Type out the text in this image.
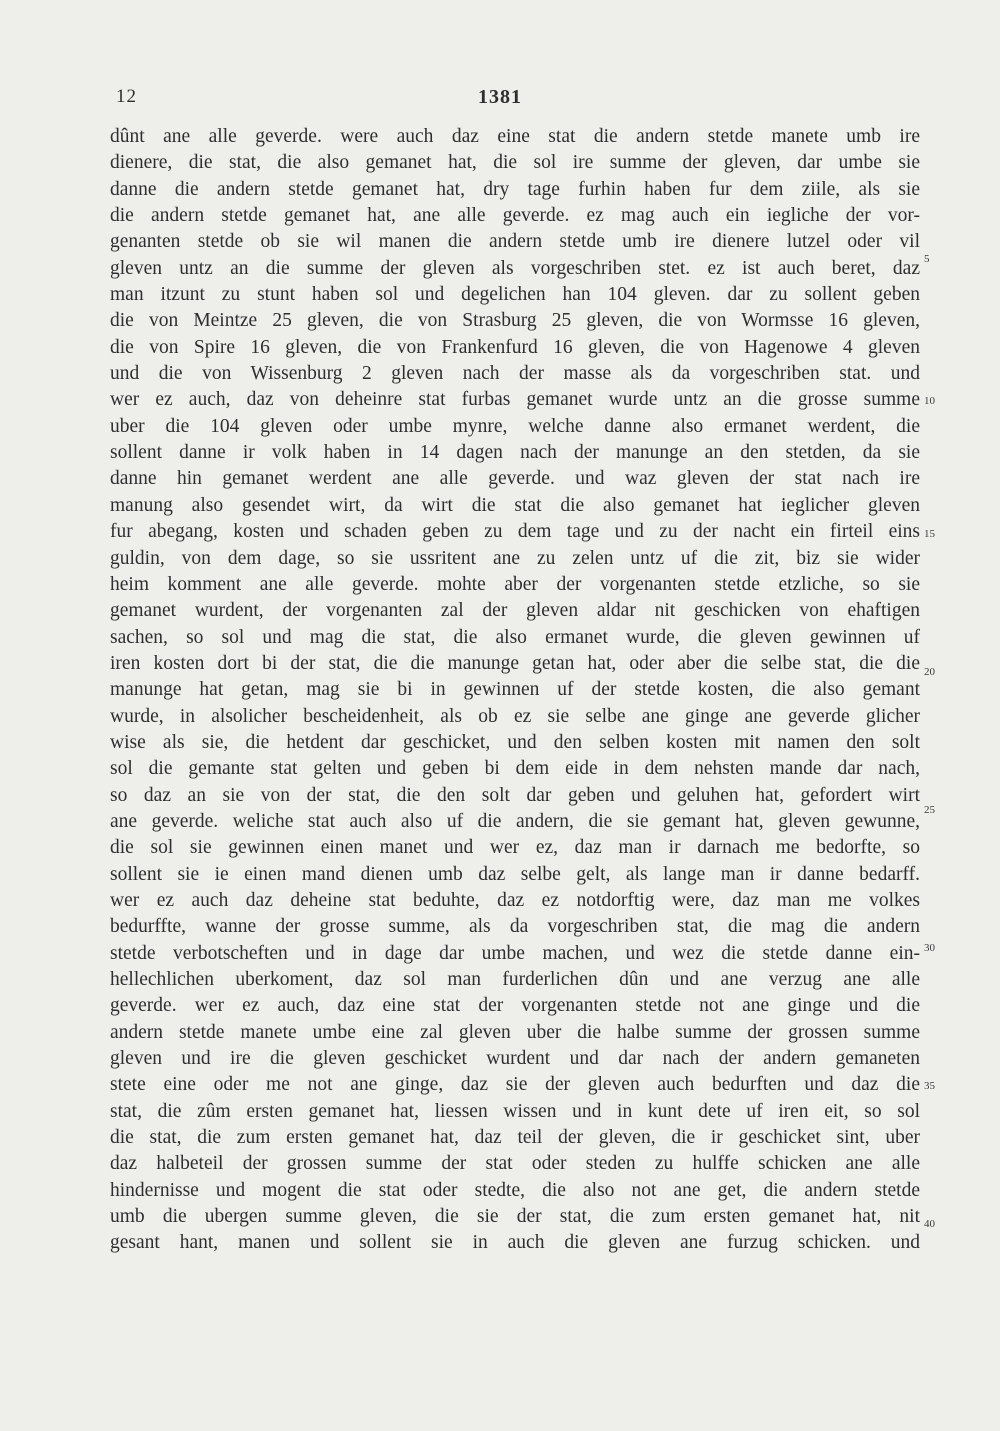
12	1381
dûnt ane alle geverde. were auch daz eine stat die andern stetde manete umb ire
dienere, die stat, die also gemanet hat, die sol ire summe der gleven, dar umbe sie
danne die andern stetde gemanet hat, dry tage furhin haben fur dem ziile, als sie
die andern stetde gemanet hat, ane alle geverde. ez mag auch ein iegliche der vor-
genanten stetde ob sie wil manen die andern stetde umb ire dienere lutzel oder vil
gleven untz an die summe der gleven als vorgeschriben stet. ez ist auch beret, daz
man itzunt zu stunt haben sol und degelichen han 104 gleven. dar zu sollent geben
die von Meintze 25 gleven, die von Strasburg 25 gleven, die von Wormsse 16 gleven,
die von Spire 16 gleven, die von Frankenfurd 16 gleven, die von Hagenowe 4 gleven
und die von Wissenburg 2 gleven nach der masse als da vorgeschriben stat. und
wer ez auch, daz von deheinre stat furbas gemanet wurde untz an die grosse summe
uber die 104 gleven oder umbe mynre, welche danne also ermanet werdent, die
sollent danne ir volk haben in 14 dagen nach der manunge an den stetden, da sie
danne hin gemanet werdent ane alle geverde. und waz gleven der stat nach ire
manung also gesendet wirt, da wirt die stat die also gemanet hat ieglicher gleven
fur abegang, kosten und schaden geben zu dem tage und zu der nacht ein firteil eins
guldin, von dem dage, so sie ussritent ane zu zelen untz uf die zit, biz sie wider
heim komment ane alle geverde. mohte aber der vorgenanten stetde etzliche, so sie
gemanet wurdent, der vorgenanten zal der gleven aldar nit geschicken von ehaftigen
sachen, so sol und mag die stat, die also ermanet wurde, die gleven gewinnen uf
iren kosten dort bi der stat, die die manunge getan hat, oder aber die selbe stat, die die
manunge hat getan, mag sie bi in gewinnen uf der stetde kosten, die also gemant
wurde, in alsolicher bescheidenheit, als ob ez sie selbe ane ginge ane geverde glicher
wise als sie, die hetdent dar geschicket, und den selben kosten mit namen den solt
sol die gemante stat gelten und geben bi dem eide in dem nehsten mande dar nach,
so daz an sie von der stat, die den solt dar geben und geluhen hat, gefordert wirt
ane geverde. weliche stat auch also uf die andern, die sie gemant hat, gleven gewunne,
die sol sie gewinnen einen manet und wer ez, daz man ir darnach me bedorfte, so
sollent sie ie einen mand dienen umb daz selbe gelt, als lange man ir danne bedarff.
wer ez auch daz deheine stat beduhte, daz ez notdorftig were, daz man me volkes
bedurffte, wanne der grosse summe, als da vorgeschriben stat, die mag die andern
stetde verbotscheften und in dage dar umbe machen, und wez die stetde danne ein-
hellechlichen uberkoment, daz sol man furderlichen dûn und ane verzug ane alle
geverde. wer ez auch, daz eine stat der vorgenanten stetde not ane ginge und die
andern stetde manete umbe eine zal gleven uber die halbe summe der grossen summe
gleven und ire die gleven geschicket wurdent und dar nach der andern gemaneten
stete eine oder me not ane ginge, daz sie der gleven auch bedurften und daz die
stat, die zûm ersten gemanet hat, liessen wissen und in kunt dete uf iren eit, so sol
die stat, die zum ersten gemanet hat, daz teil der gleven, die ir geschicket sint, uber
daz halbeteil der grossen summe der stat oder steden zu hulffe schicken ane alle
hindernisse und mogent die stat oder stedte, die also not ane get, die andern stetde
umb die ubergen summe gleven, die sie der stat, die zum ersten gemanet hat, nit
gesant hant, manen und sollent sie in auch die gleven ane furzug schicken. und
5
10
15
20
25
30
35
40
